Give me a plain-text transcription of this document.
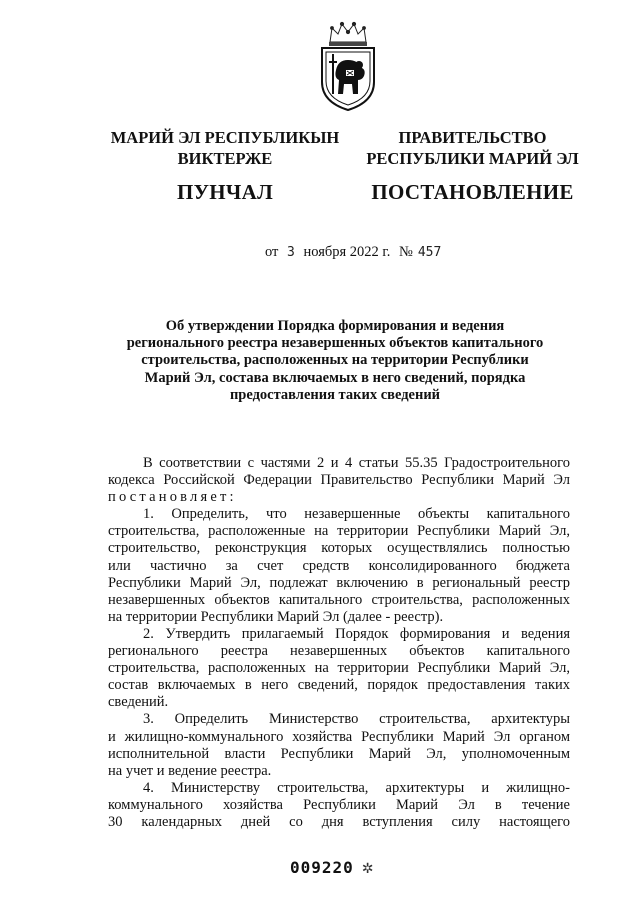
МАРИЙ ЭЛ РЕСПУБЛИКЫН
ВИКТЕРЖЕ
ПУНЧАЛ
ПРАВИТЕЛЬСТВО
РЕСПУБЛИКИ МАРИЙ ЭЛ
ПОСТАНОВЛЕНИЕ
от 3 ноября 2022 г. № 457
Об утверждении Порядка формирования и ведения
регионального реестра незавершенных объектов капитального
строительства, расположенных на территории Республики
Марий Эл, состава включаемых в него сведений, порядка
предоставления таких сведений
В соответствии с частями 2 и 4 статьи 55.35 Градостроительного
кодекса Российской Федерации Правительство Республики Марий Эл
постановляет:
1. Определить, что незавершенные объекты капитального
строительства, расположенные на территории Республики Марий Эл,
строительство, реконструкция которых осуществлялись полностью
или частично за счет средств консолидированного бюджета
Республики Марий Эл, подлежат включению в региональный реестр
незавершенных объектов капитального строительства, расположенных
на территории Республики Марий Эл (далее - реестр).
2. Утвердить прилагаемый Порядок формирования и ведения
регионального реестра незавершенных объектов капитального
строительства, расположенных на территории Республики Марий Эл,
состав включаемых в него сведений, порядок предоставления таких
сведений.
3. Определить Министерство строительства, архитектуры
и жилищно-коммунального хозяйства Республики Марий Эл органом
исполнительной власти Республики Марий Эл, уполномоченным
на учет и ведение реестра.
4. Министерству строительства, архитектуры и жилищно-
коммунального хозяйства Республики Марий Эл в течение
30 календарных дней со дня вступления силу настоящего
009220 ✲
